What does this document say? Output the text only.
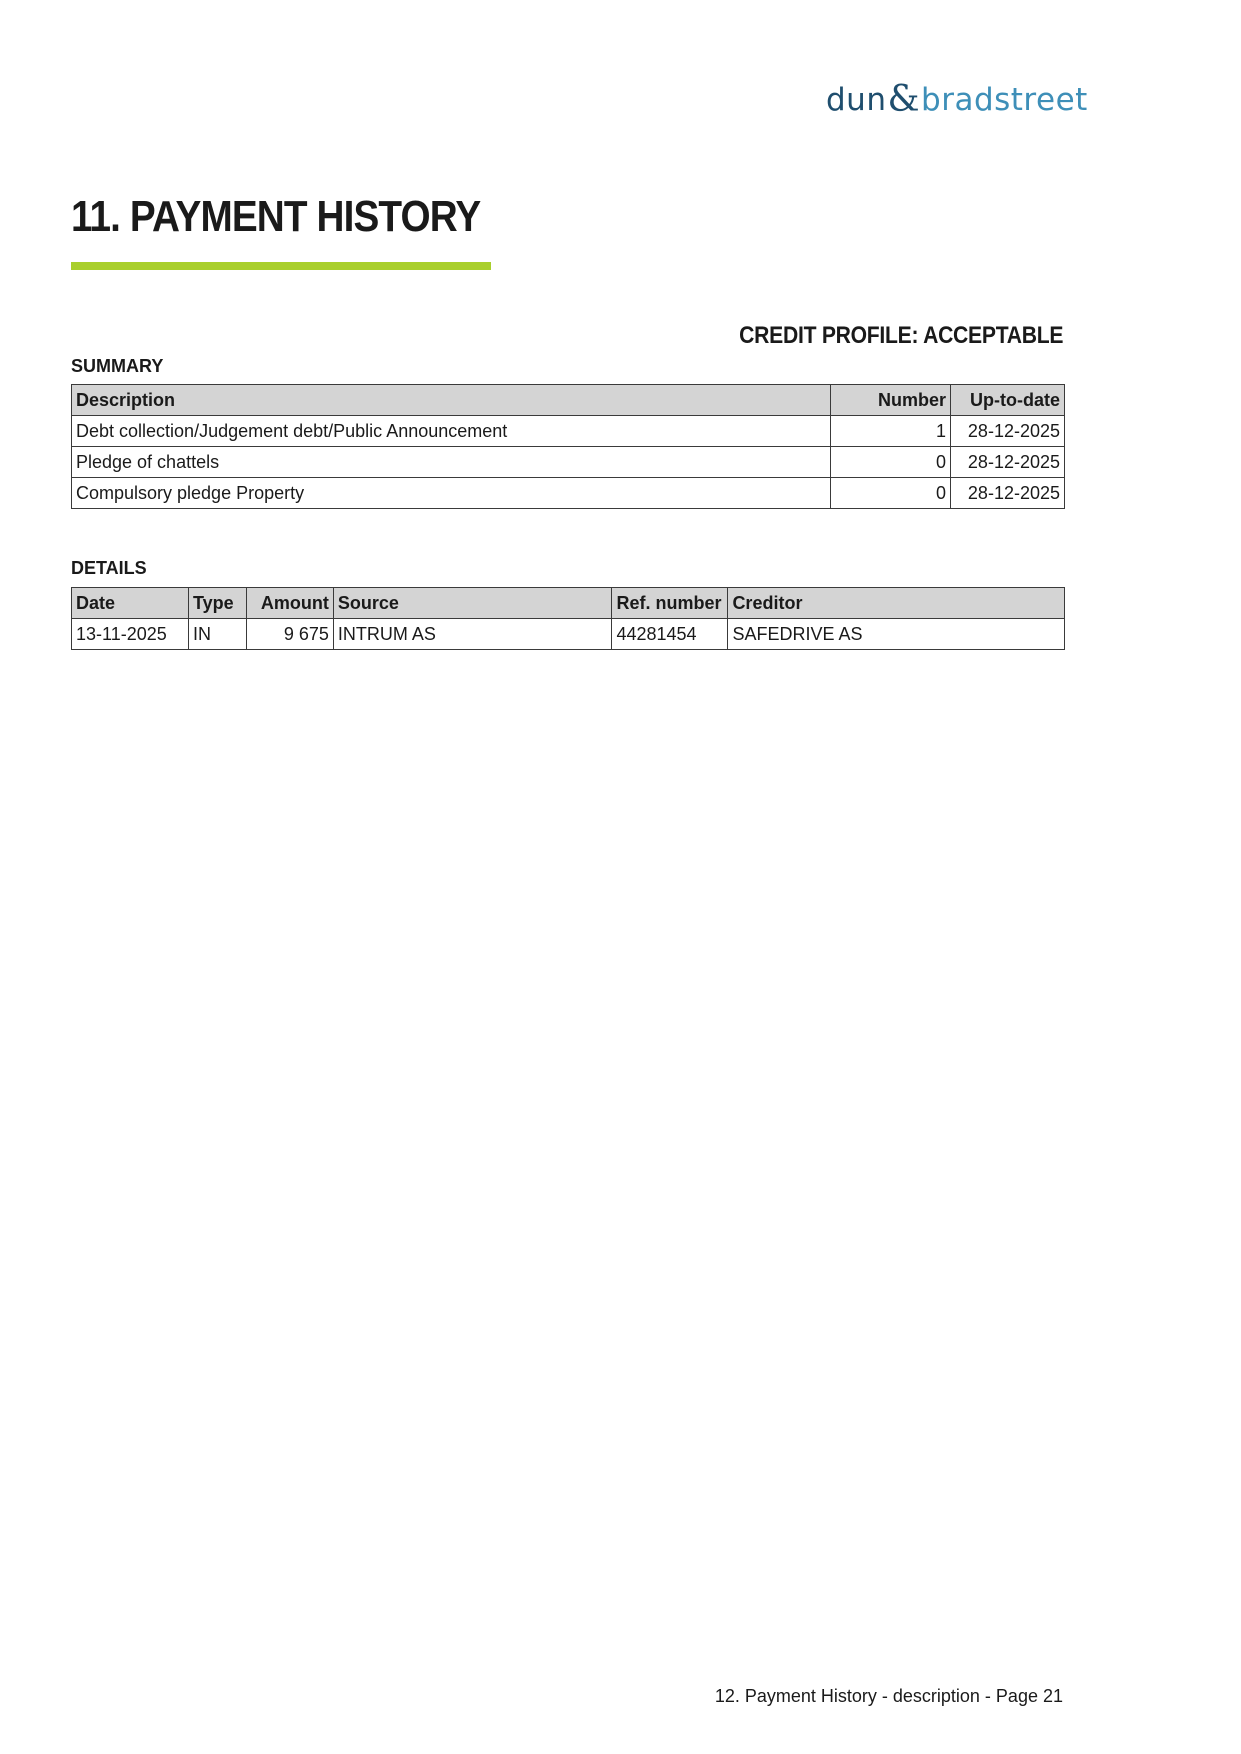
dun & bradstreet
11. PAYMENT HISTORY
CREDIT PROFILE: ACCEPTABLE
SUMMARY
Description	Number	Up-to-date
Debt collection/Judgement debt/Public Announcement	1	28-12-2025
Pledge of chattels	0	28-12-2025
Compulsory pledge Property	0	28-12-2025
DETAILS
Date	Type	Amount	Source	Ref. number	Creditor
13-11-2025	IN	9 675	INTRUM AS	44281454	SAFEDRIVE AS
12. Payment History - description - Page 21
